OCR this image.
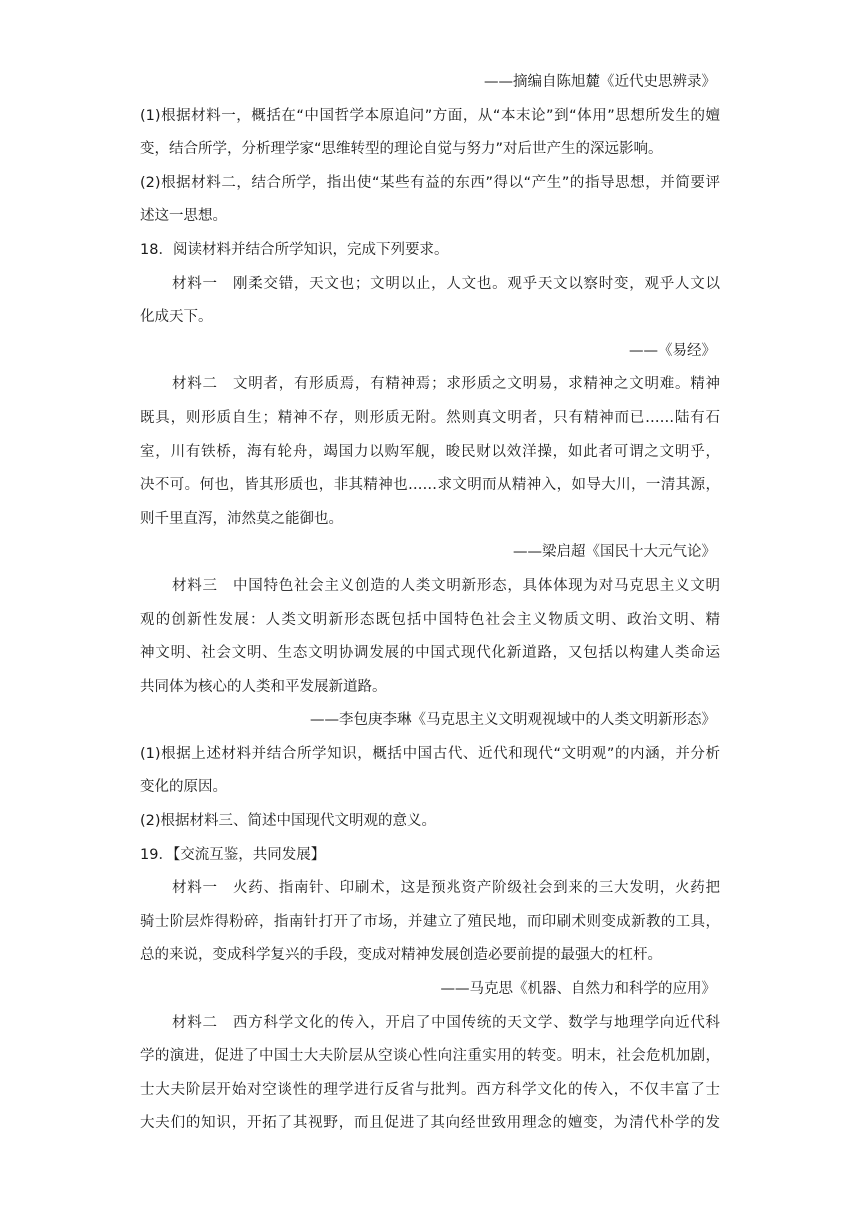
——摘编自陈旭麓《近代史思辨录》
(1)根据材料一，概括在“中国哲学本原追问”方面，从“本末论”到“体用”思想所发生的嬗
变，结合所学，分析理学家“思维转型的理论自觉与努力”对后世产生的深远影响。
(2)根据材料二，结合所学，指出使“某些有益的东西”得以“产生”的指导思想，并简要评
述这一思想。
18．阅读材料并结合所学知识，完成下列要求。
材料一　刚柔交错，天文也；文明以止，人文也。观乎天文以察时变，观乎人文以
化成天下。
——《易经》
材料二　文明者，有形质焉，有精神焉；求形质之文明易，求精神之文明难。精神
既具，则形质自生；精神不存，则形质无附。然则真文明者，只有精神而已……陆有石
室，川有铁桥，海有轮舟，竭国力以购军舰，晙民财以效洋操，如此者可谓之文明乎，
决不可。何也，皆其形质也，非其精神也……求文明而从精神入，如导大川，一清其源，
则千里直泻，沛然莫之能御也。
——梁启超《国民十大元气论》
材料三　中国特色社会主义创造的人类文明新形态，具体体现为对马克思主义文明
观的创新性发展：人类文明新形态既包括中国特色社会主义物质文明、政治文明、精
神文明、社会文明、生态文明协调发展的中国式现代化新道路，又包括以构建人类命运
共同体为核心的人类和平发展新道路。
——李包庚李琳《马克思主义文明观视域中的人类文明新形态》
(1)根据上述材料并结合所学知识，概括中国古代、近代和现代“文明观”的内涵，并分析
变化的原因。
(2)根据材料三、简述中国现代文明观的意义。
19．【交流互鉴，共同发展】
材料一　火药、指南针、印刷术，这是预兆资产阶级社会到来的三大发明，火药把
骑士阶层炸得粉碎，指南针打开了市场，并建立了殖民地，而印刷术则变成新教的工具，
总的来说，变成科学复兴的手段，变成对精神发展创造必要前提的最强大的杠杆。
——马克思《机器、自然力和科学的应用》
材料二　西方科学文化的传入，开启了中国传统的天文学、数学与地理学向近代科
学的演进，促进了中国士大夫阶层从空谈心性向注重实用的转变。明末，社会危机加剧，
士大夫阶层开始对空谈性的理学进行反省与批判。西方科学文化的传入，不仅丰富了士
大夫们的知识，开拓了其视野，而且促进了其向经世致用理念的嬗变，为清代朴学的发
